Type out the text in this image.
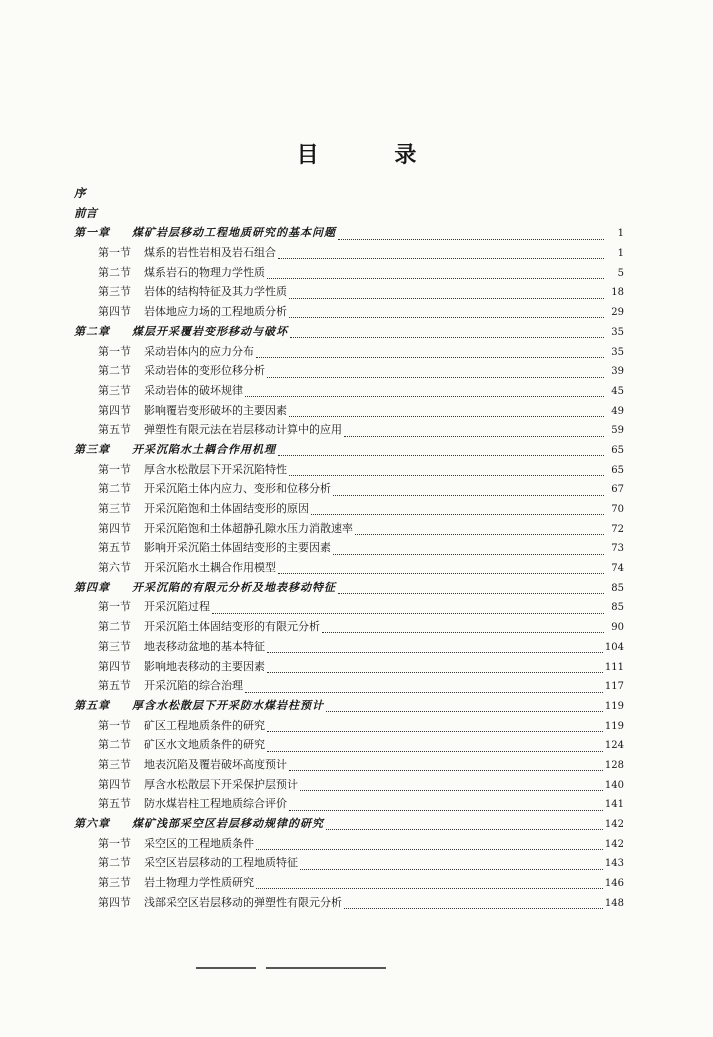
目 录
序
前言
第一章	煤矿岩层移动工程地质研究的基本问题	1
第一节	煤系的岩性岩相及岩石组合	1
第二节	煤系岩石的物理力学性质	5
第三节	岩体的结构特征及其力学性质	18
第四节	岩体地应力场的工程地质分析	29
第二章	煤层开采覆岩变形移动与破坏	35
第一节	采动岩体内的应力分布	35
第二节	采动岩体的变形位移分析	39
第三节	采动岩体的破坏规律	45
第四节	影响覆岩变形破坏的主要因素	49
第五节	弹塑性有限元法在岩层移动计算中的应用	59
第三章	开采沉陷水土耦合作用机理	65
第一节	厚含水松散层下开采沉陷特性	65
第二节	开采沉陷土体内应力、变形和位移分析	67
第三节	开采沉陷饱和土体固结变形的原因	70
第四节	开采沉陷饱和土体超静孔隙水压力消散速率	72
第五节	影响开采沉陷土体固结变形的主要因素	73
第六节	开采沉陷水土耦合作用模型	74
第四章	开采沉陷的有限元分析及地表移动特征	85
第一节	开采沉陷过程	85
第二节	开采沉陷土体固结变形的有限元分析	90
第三节	地表移动盆地的基本特征	104
第四节	影响地表移动的主要因素	111
第五节	开采沉陷的综合治理	117
第五章	厚含水松散层下开采防水煤岩柱预计	119
第一节	矿区工程地质条件的研究	119
第二节	矿区水文地质条件的研究	124
第三节	地表沉陷及覆岩破坏高度预计	128
第四节	厚含水松散层下开采保护层预计	140
第五节	防水煤岩柱工程地质综合评价	141
第六章	煤矿浅部采空区岩层移动规律的研究	142
第一节	采空区的工程地质条件	142
第二节	采空区岩层移动的工程地质特征	143
第三节	岩土物理力学性质研究	146
第四节	浅部采空区岩层移动的弹塑性有限元分析	148
